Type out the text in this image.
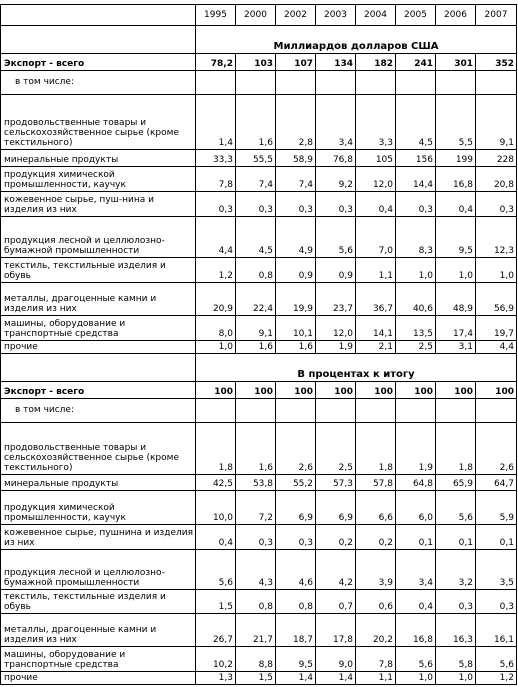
	1995	2000	2002	2003	2004	2005	2006	2007
	Миллиардов долларов США							
Экспорт - всего	78,2	103	107	134	182	241	301	352
в том числе:								
продовольственные товары и сельскохозяйственное сырье (кроме текстильного)	1,4	1,6	2,8	3,4	3,3	4,5	5,5	9,1
минеральные продукты	33,3	55,5	58,9	76,8	105	156	199	228
продукция химической промышленности, каучук	7,8	7,4	7,4	9,2	12,0	14,4	16,8	20,8
кожевенное сырье, пуш-нина и изделия из них	0,3	0,3	0,3	0,3	0,4	0,3	0,4	0,3
продукция лесной и целлюлозно-бумажной промышленности	4,4	4,5	4,9	5,6	7,0	8,3	9,5	12,3
текстиль, текстильные изделия и обувь	1,2	0,8	0,9	0,9	1,1	1,0	1,0	1,0
металлы, драгоценные камни и изделия из них	20,9	22,4	19,9	23,7	36,7	40,6	48,9	56,9
машины, оборудование и транспортные средства	8,0	9,1	10,1	12,0	14,1	13,5	17,4	19,7
прочие	1,0	1,6	1,6	1,9	2,1	2,5	3,1	4,4
	В процентах к итогу							
Экспорт - всего	100	100	100	100	100	100	100	100
в том числе:								
продовольственные товары и сельскохозяйственное сырье (кроме текстильного)	1,8	1,6	2,6	2,5	1,8	1,9	1,8	2,6
минеральные продукты	42,5	53,8	55,2	57,3	57,8	64,8	65,9	64,7
продукция химической промышленности, каучук	10,0	7,2	6,9	6,9	6,6	6,0	5,6	5,9
кожевенное сырье, пушнина и изделия из них	0,4	0,3	0,3	0,2	0,2	0,1	0,1	0,1
продукция лесной и целлюлозно-бумажной промышленности	5,6	4,3	4,6	4,2	3,9	3,4	3,2	3,5
текстиль, текстильные изделия и обувь	1,5	0,8	0,8	0,7	0,6	0,4	0,3	0,3
металлы, драгоценные камни и изделия из них	26,7	21,7	18,7	17,8	20,2	16,8	16,3	16,1
машины, оборудование и транспортные средства	10,2	8,8	9,5	9,0	7,8	5,6	5,8	5,6
прочие	1,3	1,5	1,4	1,4	1,1	1,0	1,0	1,2
